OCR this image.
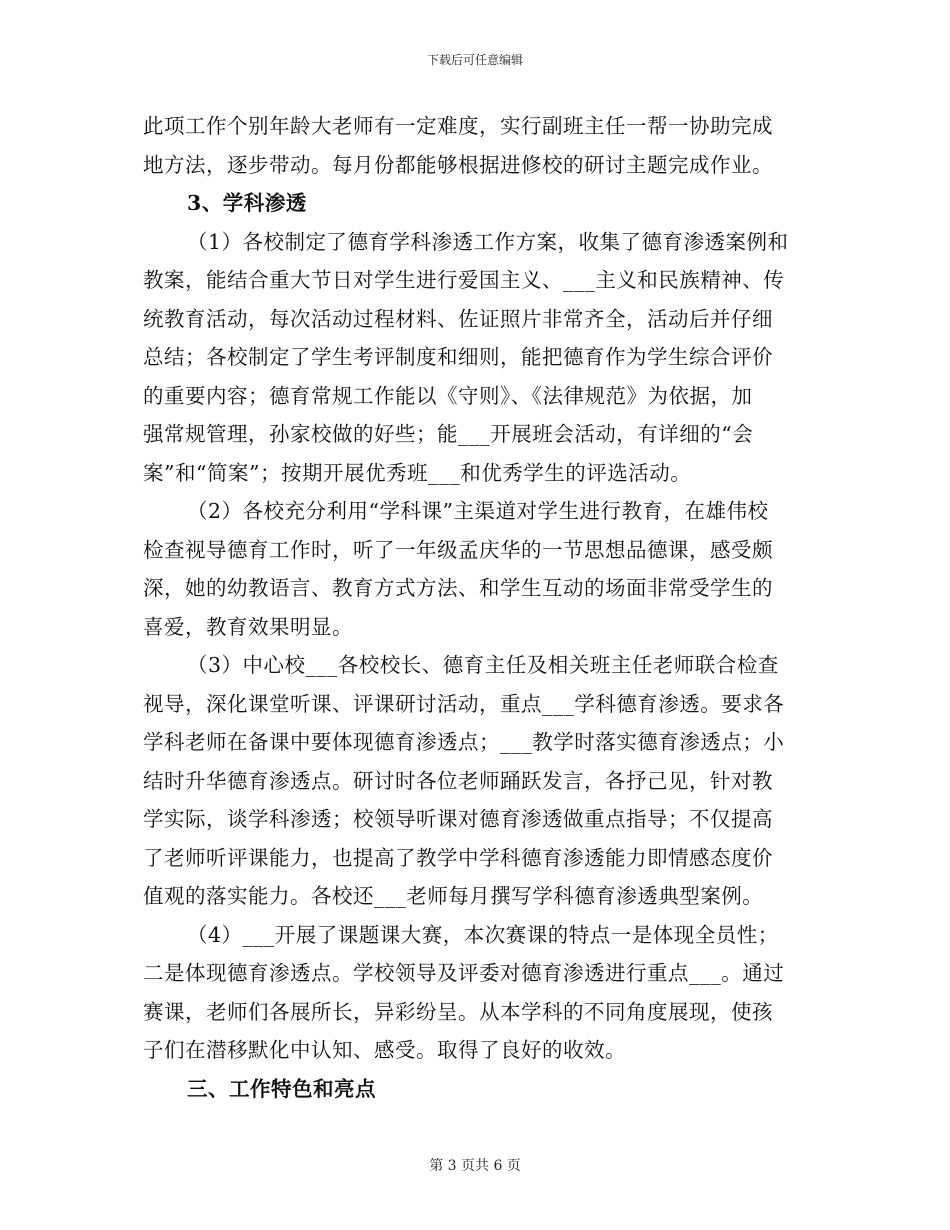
下载后可任意编辑
此项工作个别年龄大老师有一定难度，实行副班主任一帮一协助完成
地方法，逐步带动。每月份都能够根据进修校的研讨主题完成作业。
3、学科渗透
（1）各校制定了德育学科渗透工作方案，收集了德育渗透案例和
教案，能结合重大节日对学生进行爱国主义、___主义和民族精神、传
统教育活动，每次活动过程材料、佐证照片非常齐全，活动后并仔细
总结；各校制定了学生考评制度和细则，能把德育作为学生综合评价
的重要内容；德育常规工作能以《守则》、《法律规范》为依据，加
强常规管理，孙家校做的好些；能___开展班会活动，有详细的“会
案”和“简案”；按期开展优秀班___和优秀学生的评选活动。
（2）各校充分利用“学科课”主渠道对学生进行教育，在雄伟校
检查视导德育工作时，听了一年级孟庆华的一节思想品德课，感受颇
深，她的幼教语言、教育方式方法、和学生互动的场面非常受学生的
喜爱，教育效果明显。
（3）中心校___各校校长、德育主任及相关班主任老师联合检查
视导，深化课堂听课、评课研讨活动，重点___学科德育渗透。要求各
学科老师在备课中要体现德育渗透点；___教学时落实德育渗透点；小
结时升华德育渗透点。研讨时各位老师踊跃发言，各抒己见，针对教
学实际，谈学科渗透；校领导听课对德育渗透做重点指导；不仅提高
了老师听评课能力，也提高了教学中学科德育渗透能力即情感态度价
值观的落实能力。各校还___老师每月撰写学科德育渗透典型案例。
（4）___开展了课题课大赛，本次赛课的特点一是体现全员性；
二是体现德育渗透点。学校领导及评委对德育渗透进行重点___。通过
赛课，老师们各展所长，异彩纷呈。从本学科的不同角度展现，使孩
子们在潜移默化中认知、感受。取得了良好的收效。
三、工作特色和亮点
第 3 页共 6 页
